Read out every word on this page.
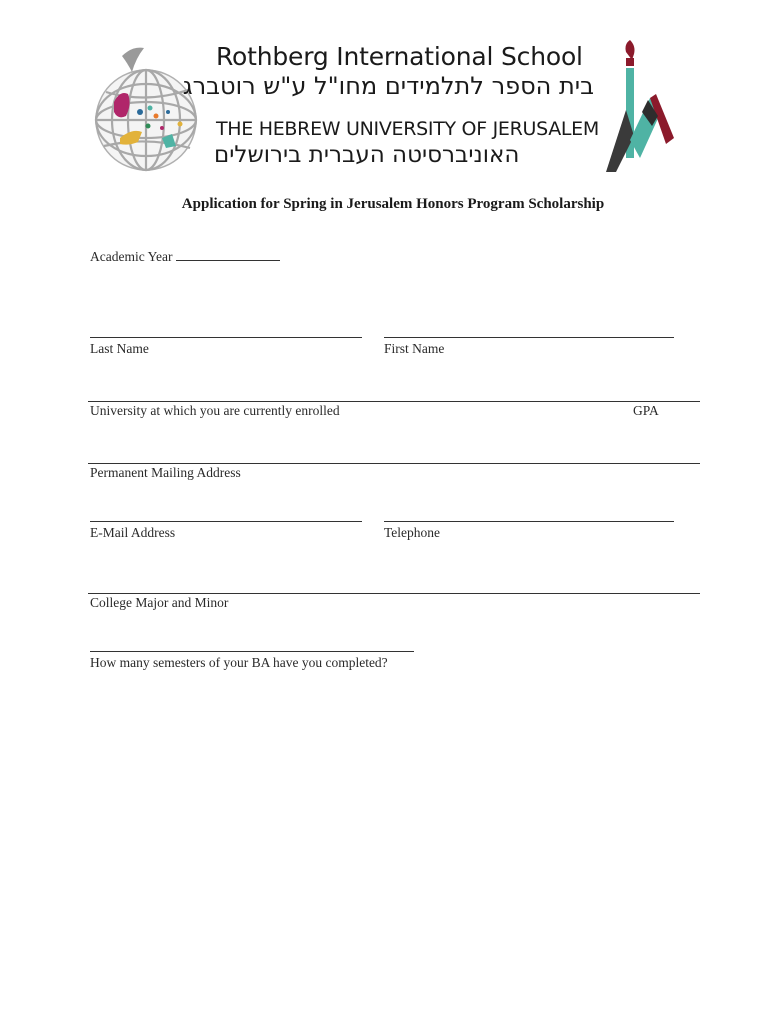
Rothberg International School
בית הספר לתלמידים מחו"ל ע"ש רוטברג
THE HEBREW UNIVERSITY OF JERUSALEM
האוניברסיטה העברית בירושלים
Application for Spring in Jerusalem Honors Program Scholarship
Academic Year
Last Name	First Name
University at which you are currently enrolled	GPA
Permanent Mailing Address
E-Mail Address	Telephone
College Major and Minor
How many semesters of your BA have you completed?
